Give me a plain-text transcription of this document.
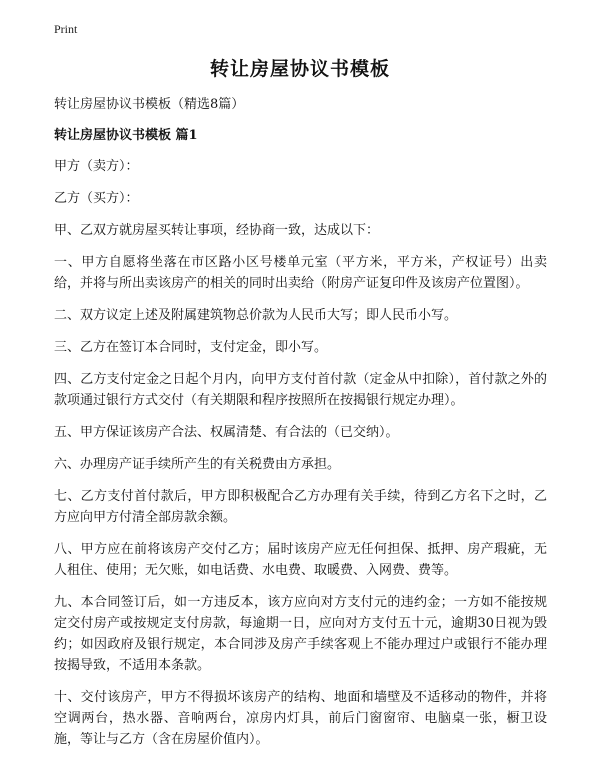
Print
转让房屋协议书模板

转让房屋协议书模板（精选8篇）

转让房屋协议书模板 篇1

甲方（卖方）：

乙方（买方）：

甲、乙双方就房屋买转让事项，经协商一致，达成以下：

一、甲方自愿将坐落在市区路小区号楼单元室（平方米，平方米，产权证号）出卖给，并将与所出卖该房产的相关的同时出卖给（附房产证复印件及该房产位置图）。

二、双方议定上述及附属建筑物总价款为人民币大写；即人民币小写。

三、乙方在签订本合同时，支付定金，即小写。

四、乙方支付定金之日起个月内，向甲方支付首付款（定金从中扣除），首付款之外的款项通过银行方式交付（有关期限和程序按照所在按揭银行规定办理）。

五、甲方保证该房产合法、权属清楚、有合法的（已交纳）。

六、办理房产证手续所产生的有关税费由方承担。

七、乙方支付首付款后，甲方即积极配合乙方办理有关手续，待到乙方名下之时，乙方应向甲方付清全部房款余额。

八、甲方应在前将该房产交付乙方；届时该房产应无任何担保、抵押、房产瑕疵，无人租住、使用；无欠账，如电话费、水电费、取暖费、入网费、费等。

九、本合同签订后，如一方违反本，该方应向对方支付元的违约金；一方如不能按规定交付房产或按规定支付房款，每逾期一日，应向对方支付五十元，逾期30日视为毁约；如因政府及银行规定，本合同涉及房产手续客观上不能办理过户或银行不能办理按揭导致，不适用本条款。

十、交付该房产，甲方不得损坏该房产的结构、地面和墙壁及不适移动的物件，并将空调两台，热水器、音响两台，凉房内灯具，前后门窗窗帘、电脑桌一张，橱卫设施，等让与乙方（含在房屋价值内）。
